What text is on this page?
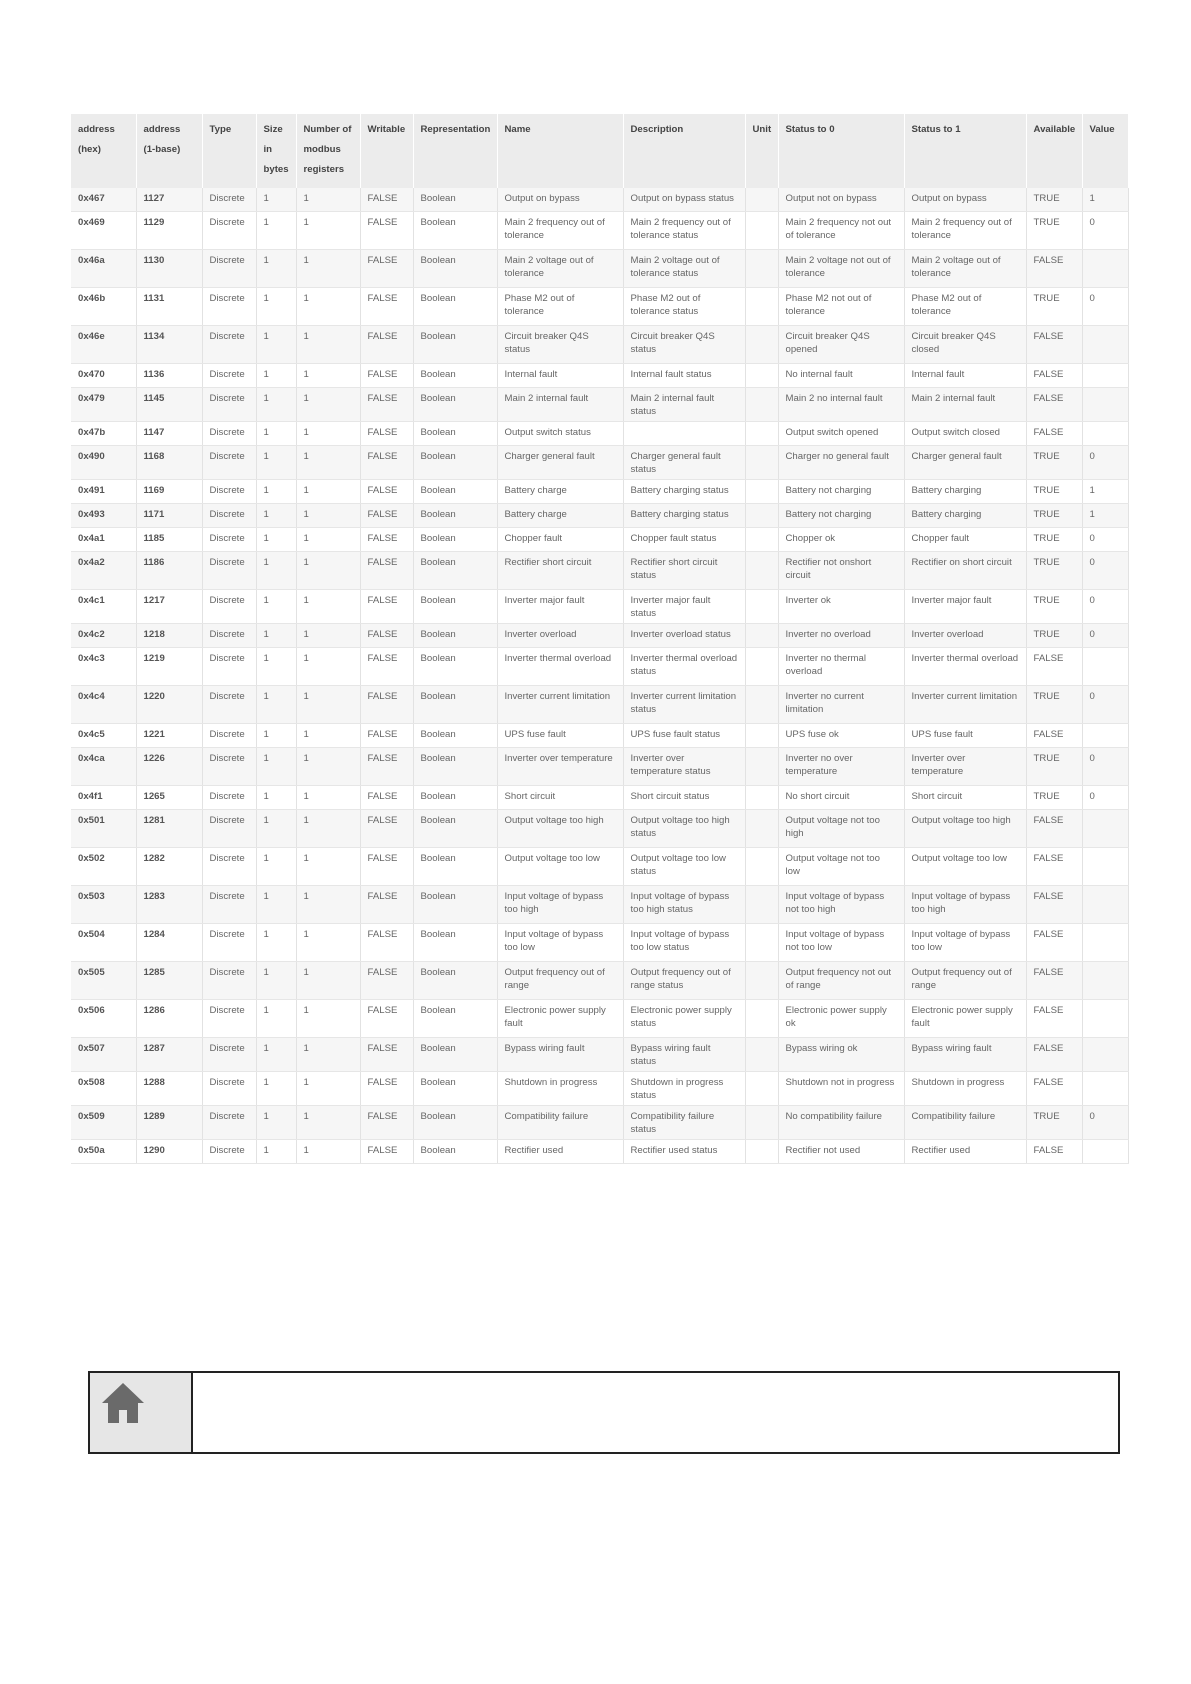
address (hex)	address (1-base)	Type	Size in bytes	Number of modbus registers	Writable	Representation	Name	Description	Unit	Status to 0	Status to 1	Available	Value
0x467	1127	Discrete	1	1	FALSE	Boolean	Output on bypass	Output on bypass status		Output not on bypass	Output on bypass	TRUE	1
0x469	1129	Discrete	1	1	FALSE	Boolean	Main 2 frequency out of tolerance	Main 2 frequency out of tolerance status		Main 2 frequency not out of tolerance	Main 2 frequency out of tolerance	TRUE	0
0x46a	1130	Discrete	1	1	FALSE	Boolean	Main 2 voltage out of tolerance	Main 2 voltage out of tolerance status		Main 2 voltage not out of tolerance	Main 2 voltage out of tolerance	FALSE	
0x46b	1131	Discrete	1	1	FALSE	Boolean	Phase M2 out of tolerance	Phase M2 out of tolerance status		Phase M2 not out of tolerance	Phase M2 out of tolerance	TRUE	0
0x46e	1134	Discrete	1	1	FALSE	Boolean	Circuit breaker Q4S status	Circuit breaker Q4S status		Circuit breaker Q4S opened	Circuit breaker Q4S closed	FALSE	
0x470	1136	Discrete	1	1	FALSE	Boolean	Internal fault	Internal fault status		No internal fault	Internal fault	FALSE	
0x479	1145	Discrete	1	1	FALSE	Boolean	Main 2 internal fault	Main 2 internal fault status		Main 2 no internal fault	Main 2 internal fault	FALSE	
0x47b	1147	Discrete	1	1	FALSE	Boolean	Output switch status			Output switch opened	Output switch closed	FALSE	
0x490	1168	Discrete	1	1	FALSE	Boolean	Charger general fault	Charger general fault status		Charger no general fault	Charger general fault	TRUE	0
0x491	1169	Discrete	1	1	FALSE	Boolean	Battery charge	Battery charging status		Battery not charging	Battery charging	TRUE	1
0x493	1171	Discrete	1	1	FALSE	Boolean	Battery charge	Battery charging status		Battery not charging	Battery charging	TRUE	1
0x4a1	1185	Discrete	1	1	FALSE	Boolean	Chopper fault	Chopper fault status		Chopper ok	Chopper fault	TRUE	0
0x4a2	1186	Discrete	1	1	FALSE	Boolean	Rectifier short circuit	Rectifier short circuit status		Rectifier not onshort circuit	Rectifier on short circuit	TRUE	0
0x4c1	1217	Discrete	1	1	FALSE	Boolean	Inverter major fault	Inverter major fault status		Inverter ok	Inverter major fault	TRUE	0
0x4c2	1218	Discrete	1	1	FALSE	Boolean	Inverter overload	Inverter overload status		Inverter no overload	Inverter overload	TRUE	0
0x4c3	1219	Discrete	1	1	FALSE	Boolean	Inverter thermal overload	Inverter thermal overload status		Inverter no thermal overload	Inverter thermal overload	FALSE	
0x4c4	1220	Discrete	1	1	FALSE	Boolean	Inverter current limitation	Inverter current limitation status		Inverter no current limitation	Inverter current limitation	TRUE	0
0x4c5	1221	Discrete	1	1	FALSE	Boolean	UPS fuse fault	UPS fuse fault status		UPS fuse ok	UPS fuse fault	FALSE	
0x4ca	1226	Discrete	1	1	FALSE	Boolean	Inverter over temperature	Inverter over temperature status		Inverter no over temperature	Inverter over temperature	TRUE	0
0x4f1	1265	Discrete	1	1	FALSE	Boolean	Short circuit	Short circuit status		No short circuit	Short circuit	TRUE	0
0x501	1281	Discrete	1	1	FALSE	Boolean	Output voltage too high	Output voltage too high status		Output voltage not too high	Output voltage too high	FALSE	
0x502	1282	Discrete	1	1	FALSE	Boolean	Output voltage too low	Output voltage too low status		Output voltage not too low	Output voltage too low	FALSE	
0x503	1283	Discrete	1	1	FALSE	Boolean	Input voltage of bypass too high	Input voltage of bypass too high status		Input voltage of bypass not too high	Input voltage of bypass too high	FALSE	
0x504	1284	Discrete	1	1	FALSE	Boolean	Input voltage of bypass too low	Input voltage of bypass too low status		Input voltage of bypass not too low	Input voltage of bypass too low	FALSE	
0x505	1285	Discrete	1	1	FALSE	Boolean	Output frequency out of range	Output frequency out of range status		Output frequency not out of range	Output frequency out of range	FALSE	
0x506	1286	Discrete	1	1	FALSE	Boolean	Electronic power supply fault	Electronic power supply status		Electronic power supply ok	Electronic power supply fault	FALSE	
0x507	1287	Discrete	1	1	FALSE	Boolean	Bypass wiring fault	Bypass wiring fault status		Bypass wiring ok	Bypass wiring fault	FALSE	
0x508	1288	Discrete	1	1	FALSE	Boolean	Shutdown in progress	Shutdown in progress status		Shutdown not in progress	Shutdown in progress	FALSE	
0x509	1289	Discrete	1	1	FALSE	Boolean	Compatibility failure	Compatibility failure status		No compatibility failure	Compatibility failure	TRUE	0
0x50a	1290	Discrete	1	1	FALSE	Boolean	Rectifier used	Rectifier used status		Rectifier not used	Rectifier used	FALSE	
